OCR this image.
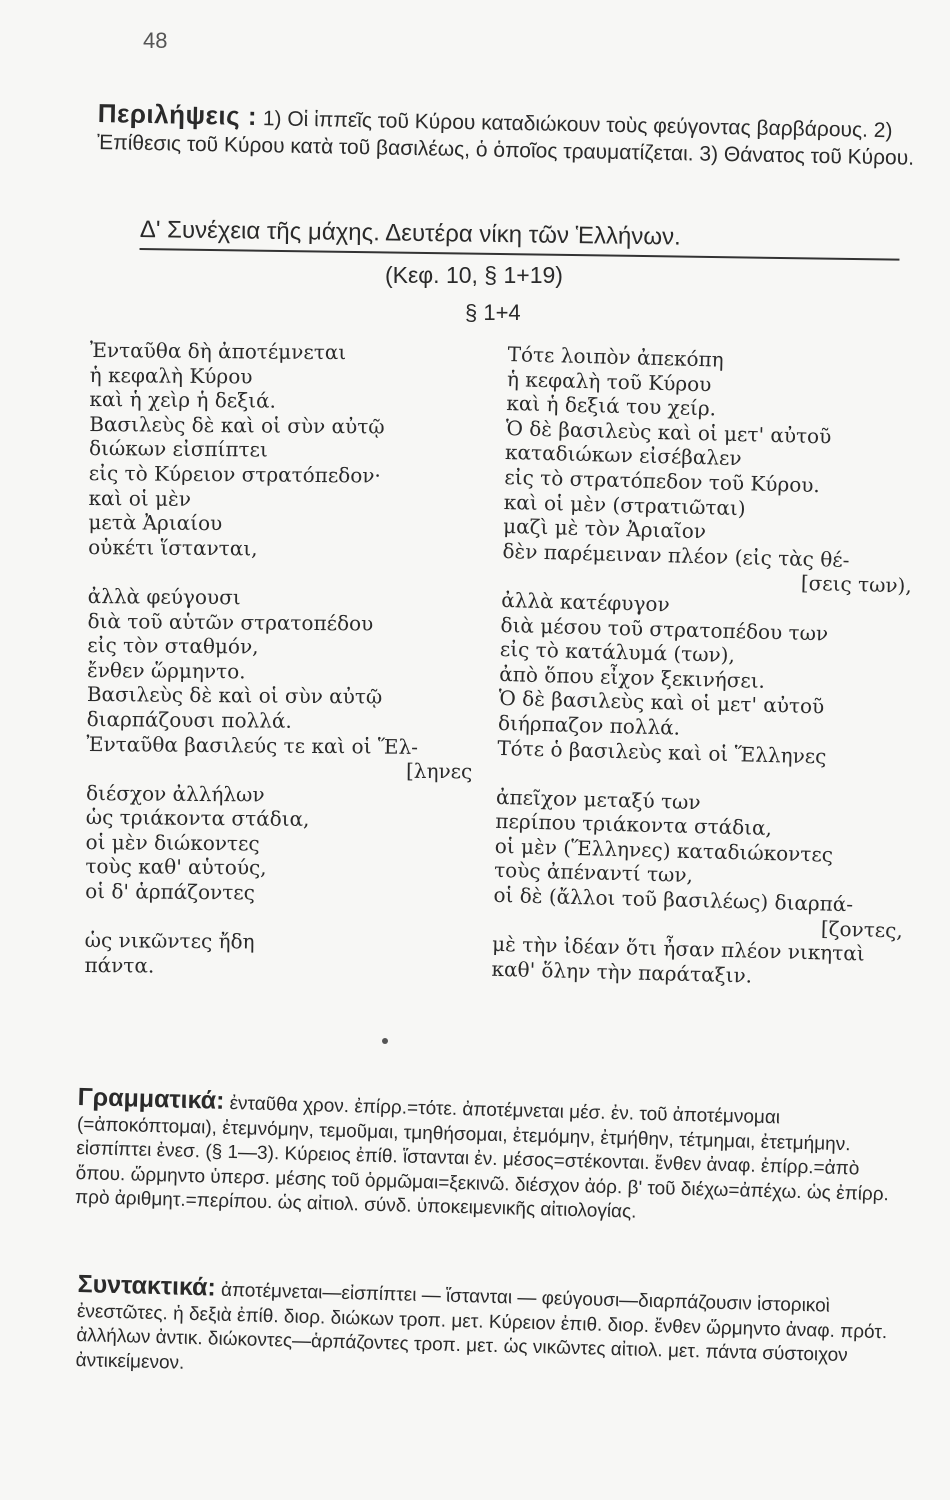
48

Περιλήψεις : 1) Οἱ ἱππεῖς τοῦ Κύρου καταδιώκουν τοὺς φεύγοντας βαρβάρους. 2) Ἐπίθεσις τοῦ Κύρου κατὰ τοῦ βασιλέως, ὁ ὁποῖος τραυματίζεται. 3) Θάνατος τοῦ Κύρου.

Δ' Συνέχεια τῆς μάχης. Δευτέρα νίκη τῶν Ἑλλήνων.
(Κεφ. 10, § 1+19)
§ 1+4
Ἐνταῦθα δὴ ἀποτέμνεται
ἡ κεφαλὴ Κύρου
καὶ ἡ χεὶρ ἡ δεξιά.
Βασιλεὺς δὲ καὶ οἱ σὺν αὐτῷ
διώκων εἰσπίπτει
εἰς τὸ Κύρειον στρατόπεδον·
καὶ οἱ μὲν
μετὰ Ἀριαίου
οὐκέτι ἵστανται,
ἀλλὰ φεύγουσι
διὰ τοῦ αὑτῶν στρατοπέδου
εἰς τὸν σταθμόν,
ἔνθεν ὥρμηντο.
Βασιλεὺς δὲ καὶ οἱ σὺν αὐτῷ
διαρπάζουσι πολλά.
Ἐνταῦθα βασιλεύς τε καὶ οἱ Ἕλ-
[ληνες
διέσχον ἀλλήλων
ὡς τριάκοντα στάδια,
οἱ μὲν διώκοντες
τοὺς καθ' αὑτούς,
οἱ δ' ἁρπάζοντες
ὡς νικῶντες ἤδη
πάντα.
Τότε λοιπὸν ἀπεκόπη
ἡ κεφαλὴ τοῦ Κύρου
καὶ ἡ δεξιά του χείρ.
Ὁ δὲ βασιλεὺς καὶ οἱ μετ' αὐτοῦ
καταδιώκων εἰσέβαλεν
εἰς τὸ στρατόπεδον τοῦ Κύρου.
καὶ οἱ μὲν (στρατιῶται)
μαζὶ μὲ τὸν Ἀριαῖον
δὲν παρέμειναν πλέον (εἰς τὰς θέ-
[σεις των),
ἀλλὰ κατέφυγον
διὰ μέσου τοῦ στρατοπέδου των
εἰς τὸ κατάλυμά (των),
ἀπὸ ὅπου εἶχον ξεκινήσει.
Ὁ δὲ βασιλεὺς καὶ οἱ μετ' αὐτοῦ
διήρπαζον πολλά.
Τότε ὁ βασιλεὺς καὶ οἱ Ἕλληνες
ἀπεῖχον μεταξύ των
περίπου τριάκοντα στάδια,
οἱ μὲν (Ἕλληνες) καταδιώκοντες
τοὺς ἀπέναντί των,
οἱ δὲ (ἄλλοι τοῦ βασιλέως) διαρπά-
[ζοντες,
μὲ τὴν ἰδέαν ὅτι ἦσαν πλέον νικηταὶ
καθ' ὅλην τὴν παράταξιν.

Γραμματικά: ἐνταῦθα χρον. ἐπίρρ.=τότε. ἀποτέμνεται μέσ. ἐν. τοῦ ἀποτέμνομαι (=ἀποκόπτομαι), ἐτεμνόμην, τεμοῦμαι, τμηθήσομαι, ἐτεμόμην, ἐτμήθην, τέτμημαι, ἐτετμήμην. εἰσπίπτει ἐνεσ. (§ 1—3). Κύρειος ἐπίθ. ἵστανται ἐν. μέσος=στέκονται. ἔνθεν ἀναφ. ἐπίρρ.=ἀπὸ ὅπου. ὥρμηντο ὑπερσ. μέσης τοῦ ὁρμῶμαι=ξεκινῶ. διέσχον ἀόρ. β' τοῦ διέχω=ἀπέχω. ὡς ἐπίρρ. πρὸ ἀριθμητ.=περίπου. ὡς αἰτιολ. σύνδ. ὑποκειμενικῆς αἰτιολογίας.

Συντακτικά: ἀποτέμνεται—εἰσπίπτει — ἵστανται — φεύγουσι—διαρπάζουσιν ἱστορικοὶ ἐνεστῶτες. ἡ δεξιὰ ἐπίθ. διορ. διώκων τροπ. μετ. Κύρειον ἐπιθ. διορ. ἔνθεν ὥρμηντο ἀναφ. πρότ. ἀλλήλων ἀντικ. διώκοντες—ἁρπάζοντες τροπ. μετ. ὡς νικῶντες αἰτιολ. μετ. πάντα σύστοιχον ἀντικείμενον.
